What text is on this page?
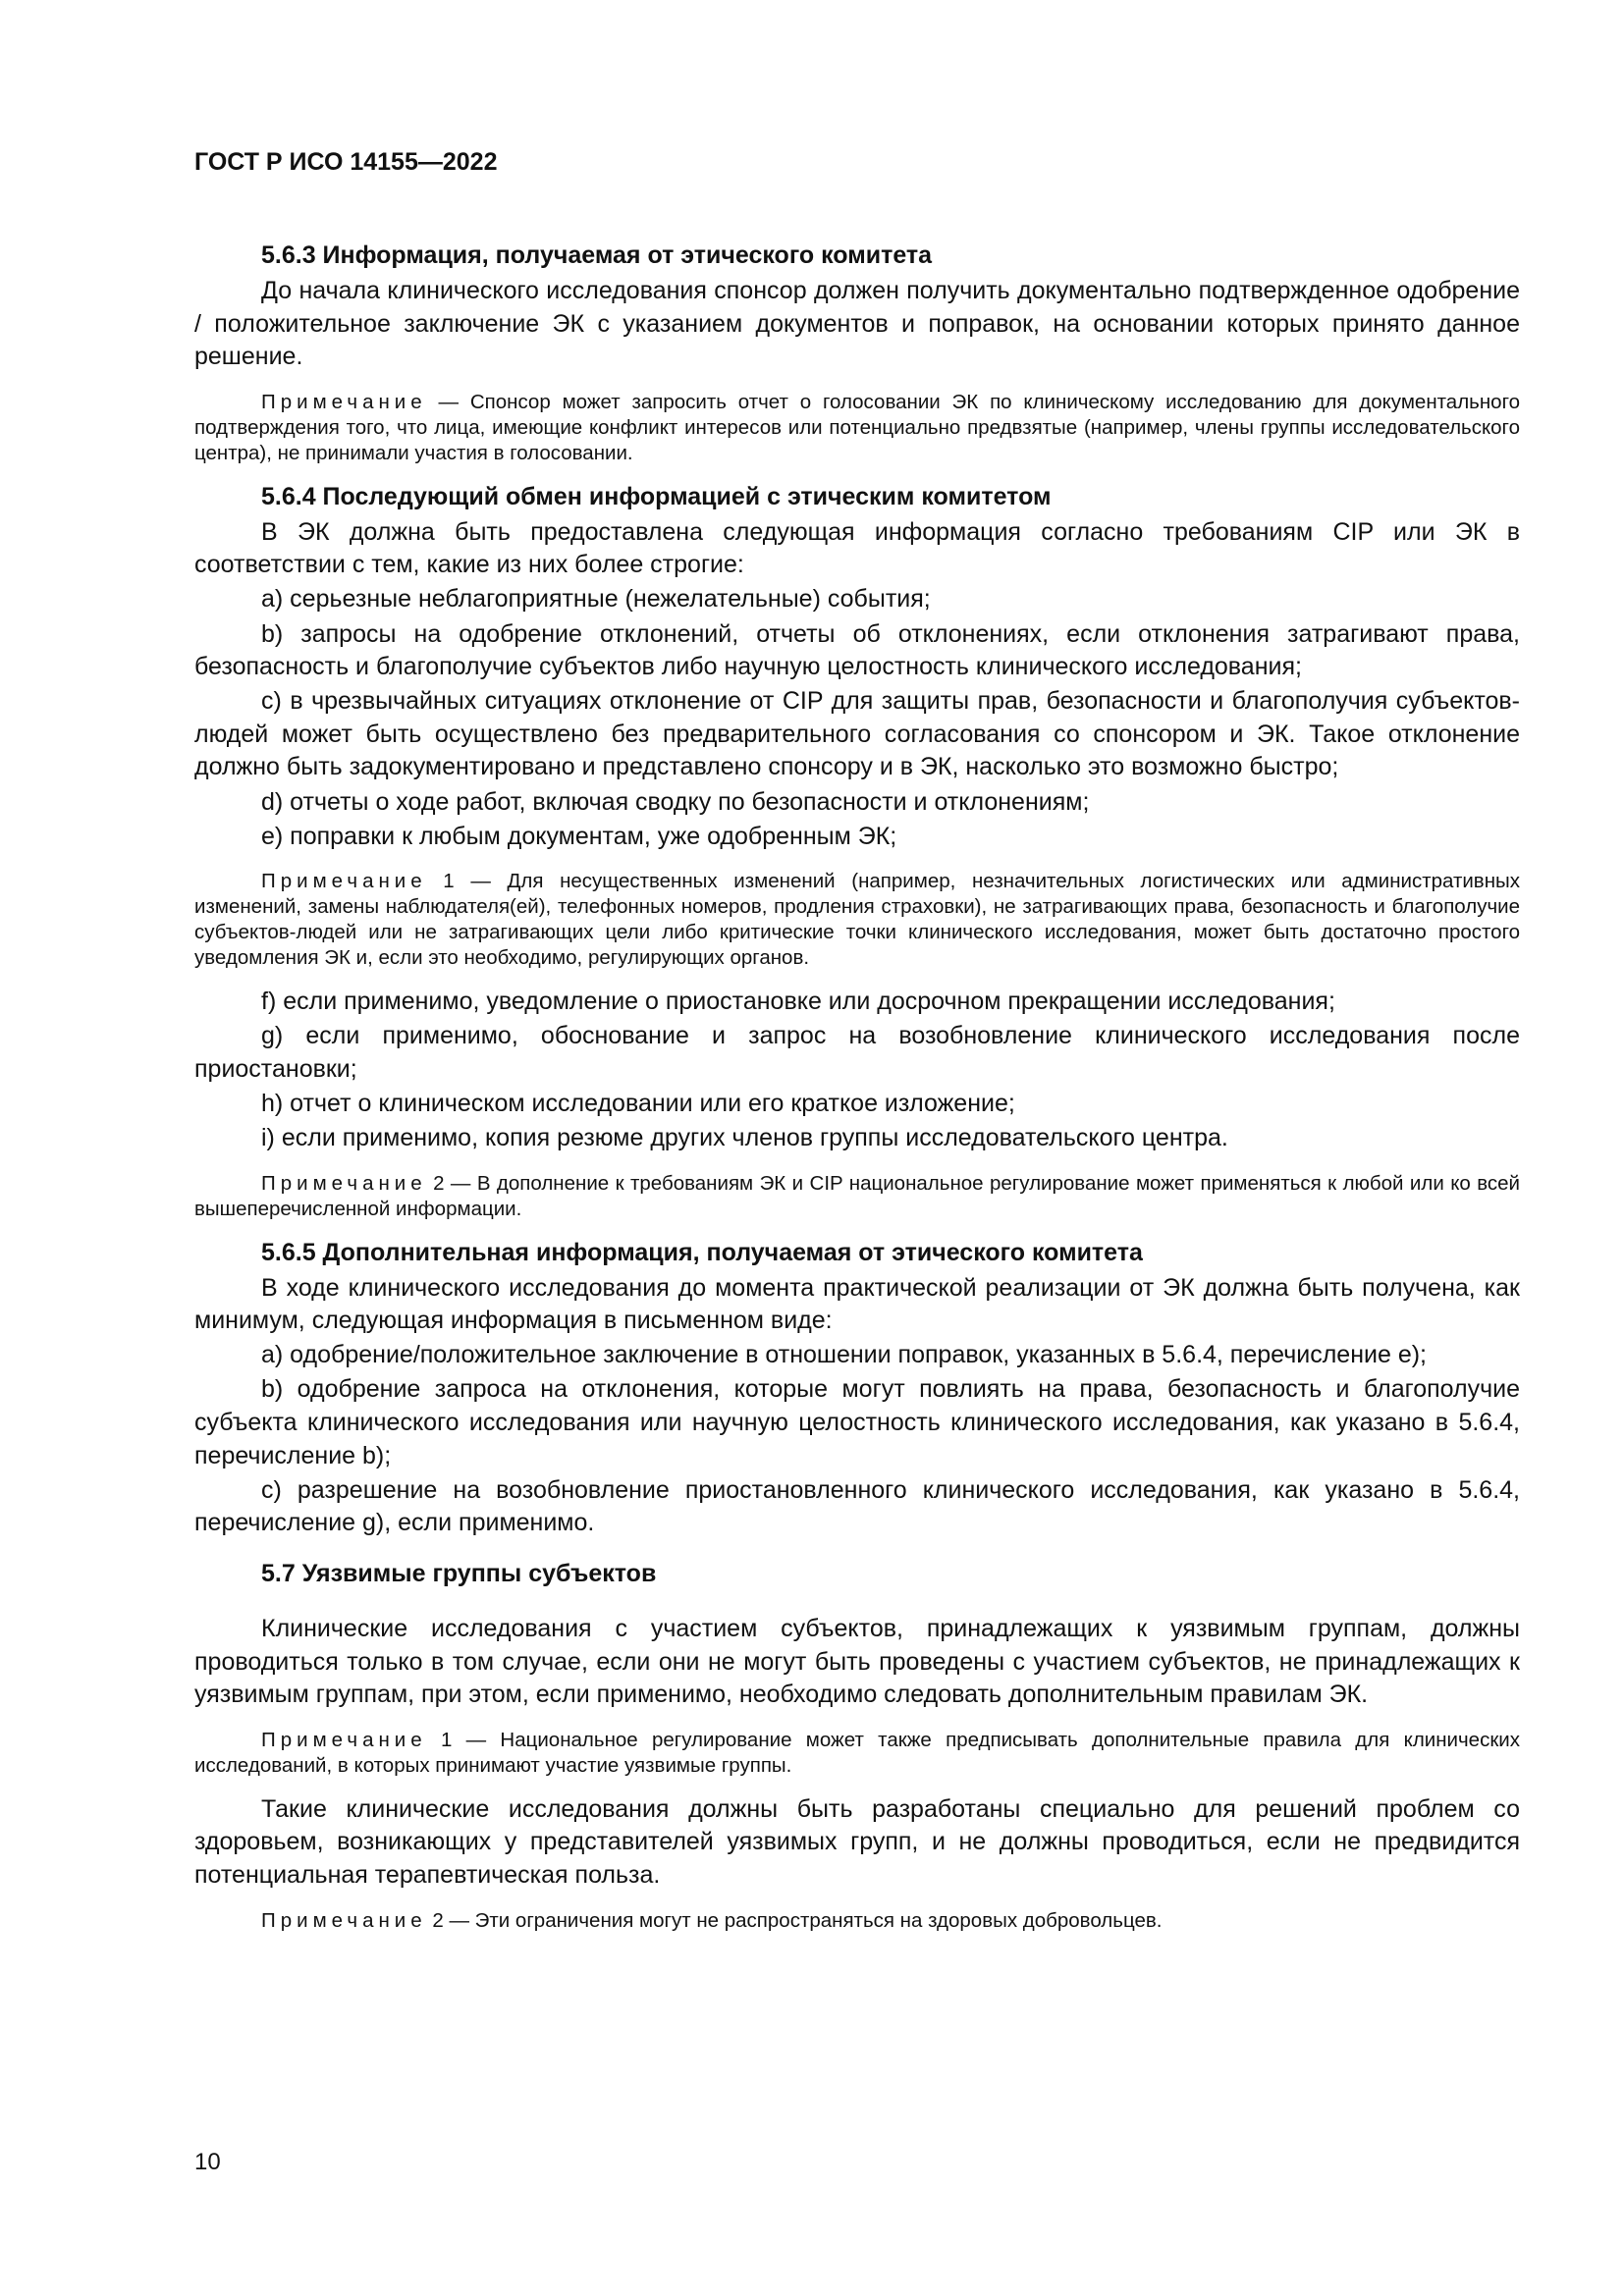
ГОСТ Р ИСО 14155—2022
5.6.3 Информация, получаемая от этического комитета
До начала клинического исследования спонсор должен получить документально подтвержденное одобрение / положительное заключение ЭК с указанием документов и поправок, на основании которых принято данное решение.
Примечание — Спонсор может запросить отчет о голосовании ЭК по клиническому исследованию для документального подтверждения того, что лица, имеющие конфликт интересов или потенциально предвзятые (например, члены группы исследовательского центра), не принимали участия в голосовании.
5.6.4 Последующий обмен информацией с этическим комитетом
В ЭК должна быть предоставлена следующая информация согласно требованиям CIP или ЭК в соответствии с тем, какие из них более строгие:
a) серьезные неблагоприятные (нежелательные) события;
b) запросы на одобрение отклонений, отчеты об отклонениях, если отклонения затрагивают права, безопасность и благополучие субъектов либо научную целостность клинического исследования;
c) в чрезвычайных ситуациях отклонение от CIP для защиты прав, безопасности и благополучия субъектов-людей может быть осуществлено без предварительного согласования со спонсором и ЭК. Такое отклонение должно быть задокументировано и представлено спонсору и в ЭК, насколько это возможно быстро;
d) отчеты о ходе работ, включая сводку по безопасности и отклонениям;
e) поправки к любым документам, уже одобренным ЭК;
Примечание 1 — Для несущественных изменений (например, незначительных логистических или административных изменений, замены наблюдателя(ей), телефонных номеров, продления страховки), не затрагивающих права, безопасность и благополучие субъектов-людей или не затрагивающих цели либо критические точки клинического исследования, может быть достаточно простого уведомления ЭК и, если это необходимо, регулирующих органов.
f) если применимо, уведомление о приостановке или досрочном прекращении исследования;
g) если применимо, обоснование и запрос на возобновление клинического исследования после приостановки;
h) отчет о клиническом исследовании или его краткое изложение;
i) если применимо, копия резюме других членов группы исследовательского центра.
Примечание 2 — В дополнение к требованиям ЭК и CIP национальное регулирование может применяться к любой или ко всей вышеперечисленной информации.
5.6.5 Дополнительная информация, получаемая от этического комитета
В ходе клинического исследования до момента практической реализации от ЭК должна быть получена, как минимум, следующая информация в письменном виде:
a) одобрение/положительное заключение в отношении поправок, указанных в 5.6.4, перечисление e);
b) одобрение запроса на отклонения, которые могут повлиять на права, безопасность и благополучие субъекта клинического исследования или научную целостность клинического исследования, как указано в 5.6.4, перечисление b);
c) разрешение на возобновление приостановленного клинического исследования, как указано в 5.6.4, перечисление g), если применимо.
5.7 Уязвимые группы субъектов
Клинические исследования с участием субъектов, принадлежащих к уязвимым группам, должны проводиться только в том случае, если они не могут быть проведены с участием субъектов, не принадлежащих к уязвимым группам, при этом, если применимо, необходимо следовать дополнительным правилам ЭК.
Примечание 1 — Национальное регулирование может также предписывать дополнительные правила для клинических исследований, в которых принимают участие уязвимые группы.
Такие клинические исследования должны быть разработаны специально для решений проблем со здоровьем, возникающих у представителей уязвимых групп, и не должны проводиться, если не предвидится потенциальная терапевтическая польза.
Примечание 2 — Эти ограничения могут не распространяться на здоровых добровольцев.
10
